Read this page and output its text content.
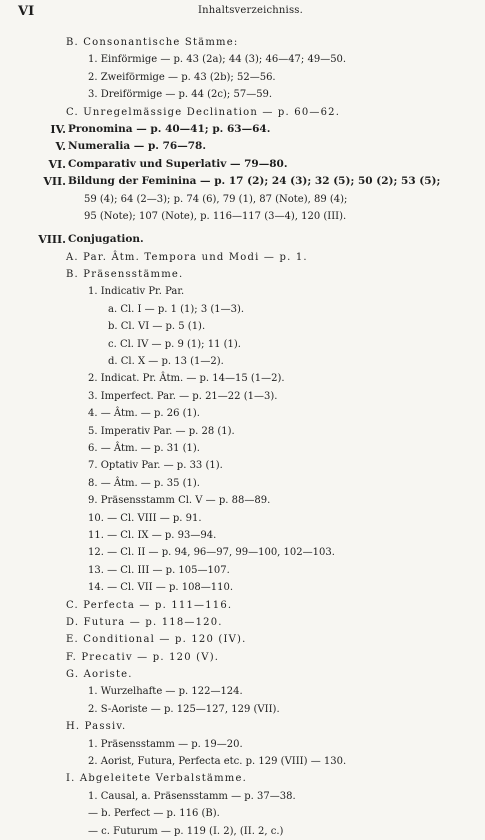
VI	Inhaltsverzeichniss.
B. Consonantische Stämme:
1. Einförmige — p. 43 (2a); 44 (3); 46—47; 49—50.
2. Zweiförmige — p. 43 (2b); 52—56.
3. Dreiförmige — p. 44 (2c); 57—59.
C. Unregelmässige Declination — p. 60—62.
IV. Pronomina — p. 40—41; p. 63—64.
V. Numeralia — p. 76—78.
VI. Comparativ und Superlativ — 79—80.
VII. Bildung der Feminina — p. 17 (2); 24 (3); 32 (5); 50 (2); 53 (5);
59 (4); 64 (2—3); p. 74 (6), 79 (1), 87 (Note), 89 (4);
95 (Note); 107 (Note), p. 116—117 (3—4), 120 (III).
VIII. Conjugation.
A. Par. Âtm. Tempora und Modi — p. 1.
B. Präsensstämme.
1. Indicativ Pr. Par.
a. Cl. I — p. 1 (1); 3 (1—3).
b. Cl. VI — p. 5 (1).
c. Cl. IV — p. 9 (1); 11 (1).
d. Cl. X — p. 13 (1—2).
2. Indicat. Pr. Âtm. — p. 14—15 (1—2).
3. Imperfect. Par. — p. 21—22 (1—3).
4. — Âtm. — p. 26 (1).
5. Imperativ Par. — p. 28 (1).
6. — Âtm. — p. 31 (1).
7. Optativ Par. — p. 33 (1).
8. — Âtm. — p. 35 (1).
9. Präsensstamm Cl. V — p. 88—89.
10. — Cl. VIII — p. 91.
11. — Cl. IX — p. 93—94.
12. — Cl. II — p. 94, 96—97, 99—100, 102—103.
13. — Cl. III — p. 105—107.
14. — Cl. VII — p. 108—110.
C. Perfecta — p. 111—116.
D. Futura — p. 118—120.
E. Conditional — p. 120 (IV).
F. Precativ — p. 120 (V).
G. Aoriste.
1. Wurzelhafte — p. 122—124.
2. S-Aoriste — p. 125—127, 129 (VII).
H. Passiv.
1. Präsensstamm — p. 19—20.
2. Aorist, Futura, Perfecta etc. p. 129 (VIII) — 130.
I. Abgeleitete Verbalstämme.
1. Causal, a. Präsensstamm — p. 37—38.
— b. Perfect — p. 116 (B).
— c. Futurum — p. 119 (I. 2), (II. 2, c.)
